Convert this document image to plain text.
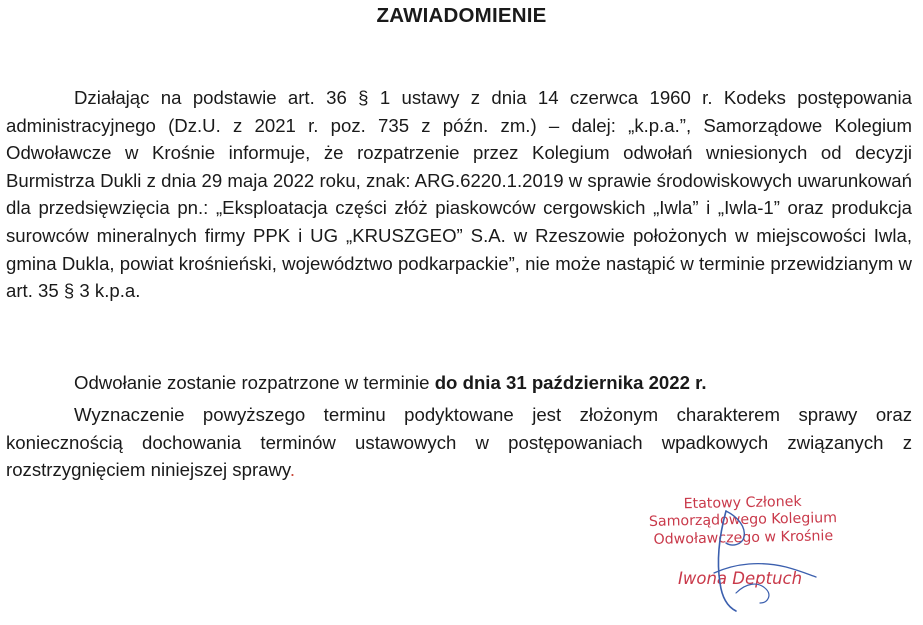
ZAWIADOMIENIE

Działając na podstawie art. 36 § 1 ustawy z dnia 14 czerwca 1960 r. Kodeks postępowania administracyjnego (Dz.U. z 2021 r. poz. 735 z późn. zm.) – dalej: „k.p.a.”, Samorządowe Kolegium Odwoławcze w Krośnie informuje, że rozpatrzenie przez Kolegium odwołań wniesionych od decyzji Burmistrza Dukli z dnia 29 maja 2022 roku, znak: ARG.6220.1.2019 w sprawie środowiskowych uwarunkowań dla przedsięwzięcia pn.: „Eksploatacja części złóż piaskowców cergowskich „Iwla” i „Iwla-1” oraz produkcja surowców mineralnych firmy PPK i UG „KRUSZGEO” S.A. w Rzeszowie położonych w miejscowości Iwla, gmina Dukla, powiat krośnieński, województwo podkarpackie”, nie może nastąpić w terminie przewidzianym w art. 35 § 3 k.p.a.

Odwołanie zostanie rozpatrzone w terminie do dnia 31 października 2022 r.

Wyznaczenie powyższego terminu podyktowane jest złożonym charakterem sprawy oraz koniecznością dochowania terminów ustawowych w postępowaniach wpadkowych związanych z rozstrzygnięciem niniejszej sprawy.

Etatowy Członek
Samorządowego Kolegium
Odwoławczego w Krośnie
Iwona Deptuch
